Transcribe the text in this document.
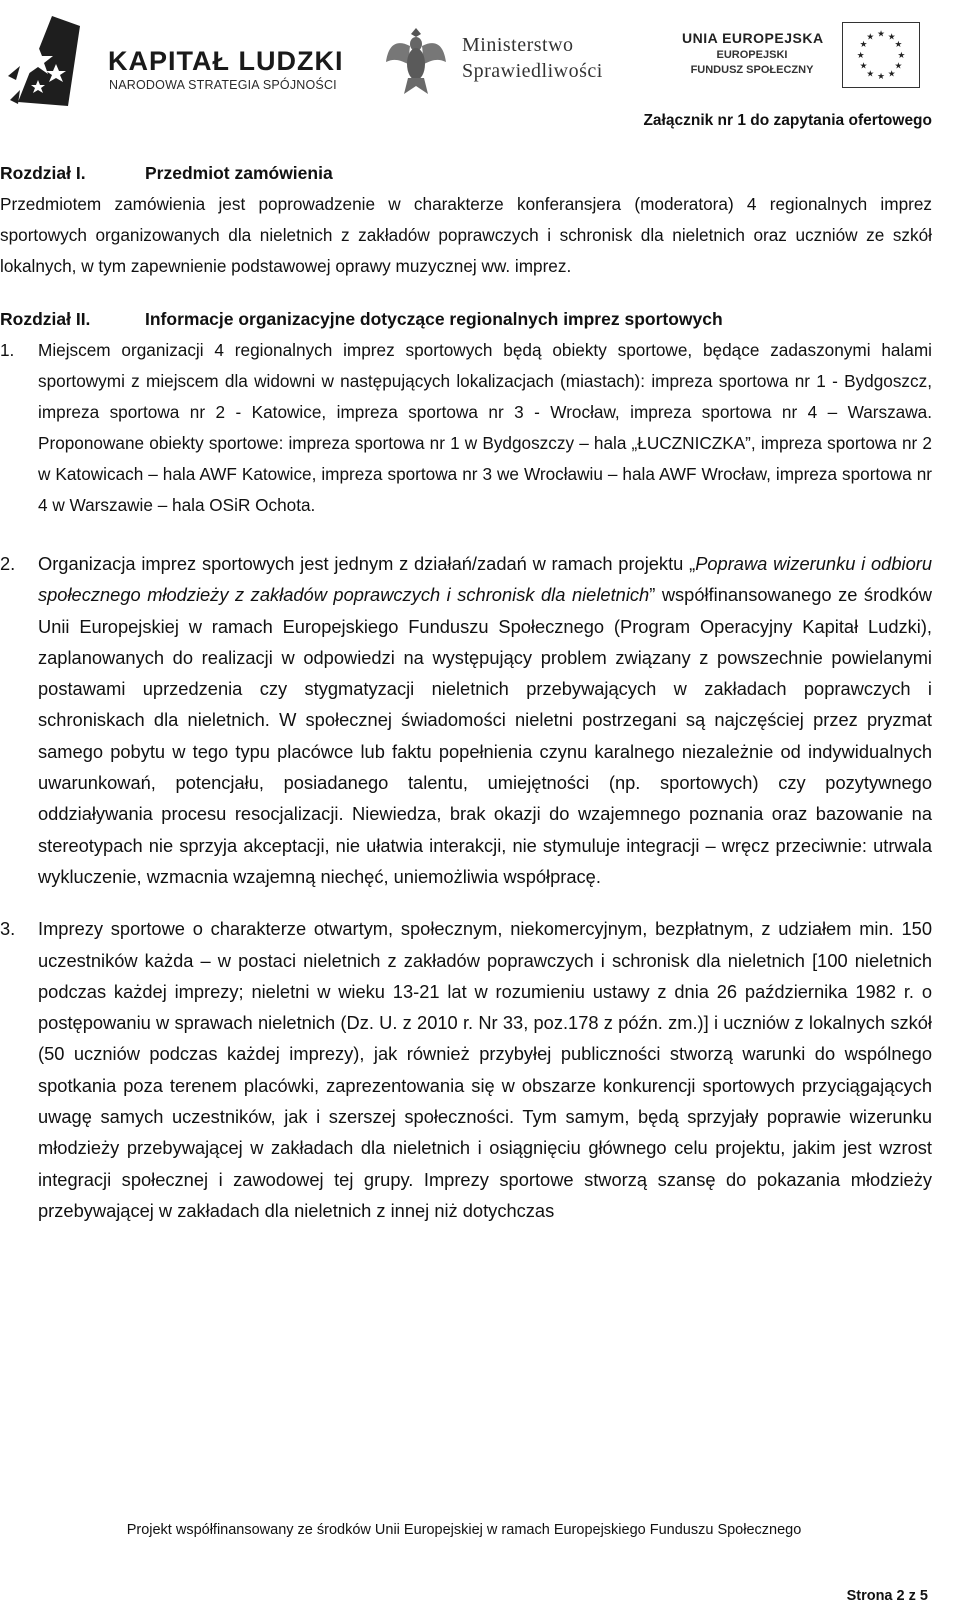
KAPITAŁ LUDZKI
NARODOWA STRATEGIA SPÓJNOŚCI
Ministerstwo
Sprawiedliwości
UNIA EUROPEJSKA
EUROPEJSKI
FUNDUSZ SPOŁECZNY
★ ★
★
★
★
★
★
★
★
★
★
★
Załącznik nr 1 do zapytania ofertowego
Rozdział I.	Przedmiot zamówienia

Przedmiotem zamówienia jest poprowadzenie w charakterze konferansjera (moderatora) 4 regionalnych imprez sportowych organizowanych dla nieletnich z zakładów poprawczych i schronisk dla nieletnich oraz uczniów ze szkół lokalnych, w tym zapewnienie podstawowej oprawy muzycznej ww. imprez.

Rozdział II.	Informacje organizacyjne dotyczące regionalnych imprez sportowych
1. Miejscem organizacji 4 regionalnych imprez sportowych będą obiekty sportowe, będące zadaszonymi halami sportowymi z miejscem dla widowni w następujących lokalizacjach (miastach): impreza sportowa nr 1 - Bydgoszcz, impreza sportowa nr 2 - Katowice, impreza sportowa nr 3 - Wrocław, impreza sportowa nr 4 – Warszawa. Proponowane obiekty sportowe: impreza sportowa nr 1 w Bydgoszczy – hala „ŁUCZNICZKA”, impreza sportowa nr 2 w Katowicach – hala AWF Katowice, impreza sportowa nr 3 we Wrocławiu – hala AWF Wrocław, impreza sportowa nr 4 w Warszawie – hala OSiR Ochota.

2. Organizacja imprez sportowych jest jednym z działań/zadań w ramach projektu „Poprawa wizerunku i odbioru społecznego młodzieży z zakładów poprawczych i schronisk dla nieletnich” współfinansowanego ze środków Unii Europejskiej w ramach Europejskiego Funduszu Społecznego (Program Operacyjny Kapitał Ludzki), zaplanowanych do realizacji w odpowiedzi na występujący problem związany z powszechnie powielanymi postawami uprzedzenia czy stygmatyzacji nieletnich przebywających w zakładach poprawczych i schroniskach dla nieletnich. W społecznej świadomości nieletni postrzegani są najczęściej przez pryzmat samego pobytu w tego typu placówce lub faktu popełnienia czynu karalnego niezależnie od indywidualnych uwarunkowań, potencjału, posiadanego talentu, umiejętności (np. sportowych) czy pozytywnego oddziaływania procesu resocjalizacji. Niewiedza, brak okazji do wzajemnego poznania oraz bazowanie na stereotypach nie sprzyja akceptacji, nie ułatwia interakcji, nie stymuluje integracji – wręcz przeciwnie: utrwala wykluczenie, wzmacnia wzajemną niechęć, uniemożliwia współpracę.

3. Imprezy sportowe o charakterze otwartym, społecznym, niekomercyjnym, bezpłatnym, z udziałem min. 150 uczestników każda – w postaci nieletnich z zakładów poprawczych i schronisk dla nieletnich [100 nieletnich podczas każdej imprezy; nieletni w wieku 13-21 lat w rozumieniu ustawy z dnia 26 października 1982 r. o postępowaniu w sprawach nieletnich (Dz. U. z 2010 r. Nr 33, poz.178 z późn. zm.)] i uczniów z lokalnych szkół (50 uczniów podczas każdej imprezy), jak również przybyłej publiczności stworzą warunki do wspólnego spotkania poza terenem placówki, zaprezentowania się w obszarze konkurencji sportowych przyciągających uwagę samych uczestników, jak i szerszej społeczności. Tym samym, będą sprzyjały poprawie wizerunku młodzieży przebywającej w zakładach dla nieletnich i osiągnięciu głównego celu projektu, jakim jest wzrost integracji społecznej i zawodowej tej grupy. Imprezy sportowe stworzą szansę do pokazania młodzieży przebywającej w zakładach dla nieletnich z innej niż dotychczas

Projekt współfinansowany ze środków Unii Europejskiej w ramach Europejskiego Funduszu Społecznego
Strona 2 z 5
